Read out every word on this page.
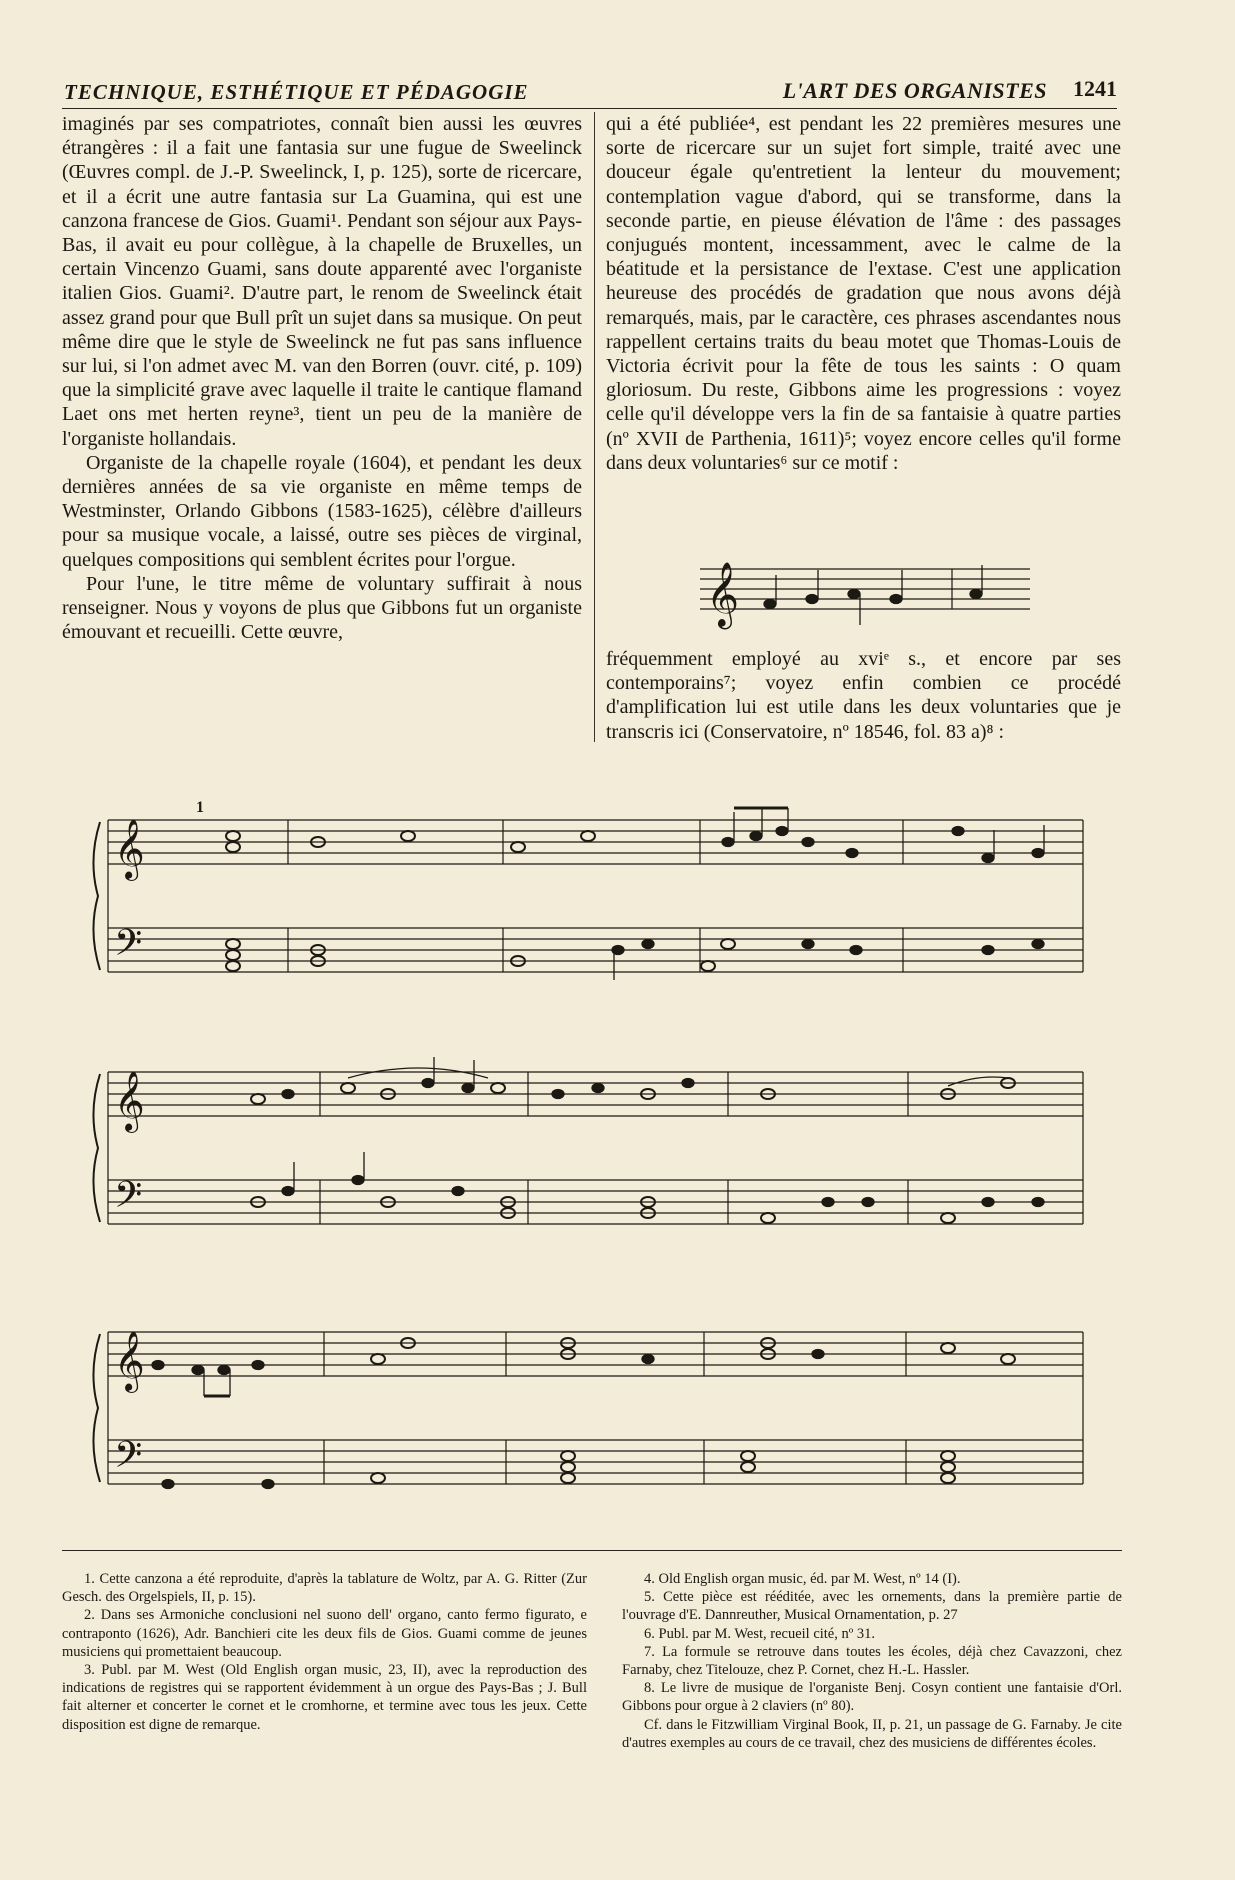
TECHNIQUE, ESTHÉTIQUE ET PÉDAGOGIE	L'ART DES ORGANISTES 1241

imaginés par ses compatriotes, connaît bien aussi les œuvres étrangères : il a fait une fantasia sur une fugue de Sweelinck (Œuvres compl. de J.-P. Sweelinck, I, p. 125), sorte de ricercare, et il a écrit une autre fantasia sur La Guamina, qui est une canzona francese de Gios. Guami¹. Pendant son séjour aux Pays-Bas, il avait eu pour collègue, à la chapelle de Bruxelles, un certain Vincenzo Guami, sans doute apparenté avec l'organiste italien Gios. Guami². D'autre part, le renom de Sweelinck était assez grand pour que Bull prît un sujet dans sa musique. On peut même dire que le style de Sweelinck ne fut pas sans influence sur lui, si l'on admet avec M. van den Borren (ouvr. cité, p. 109) que la simplicité grave avec laquelle il traite le cantique flamand Laet ons met herten reyne³, tient un peu de la manière de l'organiste hollandais.

Organiste de la chapelle royale (1604), et pendant les deux dernières années de sa vie organiste en même temps de Westminster, Orlando Gibbons (1583-1625), célèbre d'ailleurs pour sa musique vocale, a laissé, outre ses pièces de virginal, quelques compositions qui semblent écrites pour l'orgue.

Pour l'une, le titre même de voluntary suffirait à nous renseigner. Nous y voyons de plus que Gibbons fut un organiste émouvant et recueilli. Cette œuvre,

qui a été publiée⁴, est pendant les 22 premières mesures une sorte de ricercare sur un sujet fort simple, traité avec une douceur égale qu'entretient la lenteur du mouvement; contemplation vague d'abord, qui se transforme, dans la seconde partie, en pieuse élévation de l'âme : des passages conjugués montent, incessamment, avec le calme de la béatitude et la persistance de l'extase. C'est une application heureuse des procédés de gradation que nous avons déjà remarqués, mais, par le caractère, ces phrases ascendantes nous rappellent certains traits du beau motet que Thomas-Louis de Victoria écrivit pour la fête de tous les saints : O quam gloriosum. Du reste, Gibbons aime les progressions : voyez celle qu'il développe vers la fin de sa fantaisie à quatre parties (nº XVII de Parthenia, 1611)⁵; voyez encore celles qu'il forme dans deux voluntaries⁶ sur ce motif :

𝄞

fréquemment employé au xviᵉ s., et encore par ses contemporains⁷; voyez enfin combien ce procédé d'amplification lui est utile dans les deux voluntaries que je transcris ici (Conservatoire, nº 18546, fol. 83 a)⁸ :

1
𝄞
𝄢
𝄞
𝄢
𝄞
𝄢

1. Cette canzona a été reproduite, d'après la tablature de Woltz, par A. G. Ritter (Zur Gesch. des Orgelspiels, II, p. 15).

2. Dans ses Armoniche conclusioni nel suono dell' organo, canto fermo figurato, e contraponto (1626), Adr. Banchieri cite les deux fils de Gios. Guami comme de jeunes musiciens qui promettaient beaucoup.

3. Publ. par M. West (Old English organ music, 23, II), avec la reproduction des indications de registres qui se rapportent évidemment à un orgue des Pays-Bas ; J. Bull fait alterner et concerter le cornet et le cromhorne, et termine avec tous les jeux. Cette disposition est digne de remarque.

4. Old English organ music, éd. par M. West, nº 14 (I).

5. Cette pièce est rééditée, avec les ornements, dans la première partie de l'ouvrage d'E. Dannreuther, Musical Ornamentation, p. 27

6. Publ. par M. West, recueil cité, nº 31.

7. La formule se retrouve dans toutes les écoles, déjà chez Cavazzoni, chez Farnaby, chez Titelouze, chez P. Cornet, chez H.-L. Hassler.

8. Le livre de musique de l'organiste Benj. Cosyn contient une fantaisie d'Orl. Gibbons pour orgue à 2 claviers (nº 80).

Cf. dans le Fitzwilliam Virginal Book, II, p. 21, un passage de G. Farnaby. Je cite d'autres exemples au cours de ce travail, chez des musiciens de différentes écoles.
